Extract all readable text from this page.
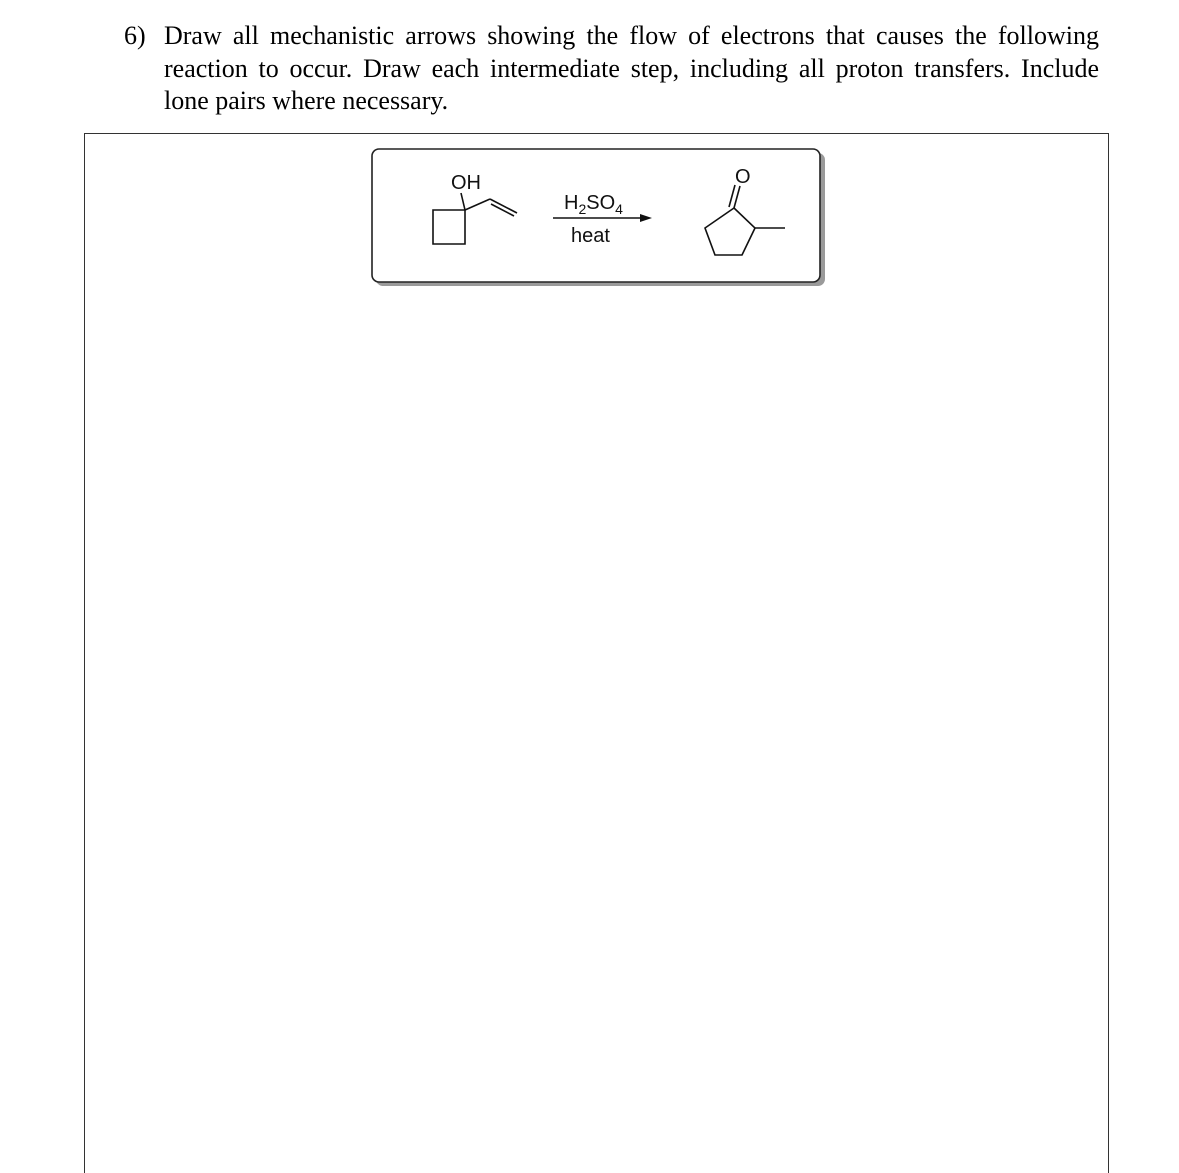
6) Draw all mechanistic arrows showing the flow of electrons that causes the following reaction to occur. Draw each intermediate step, including all proton transfers. Include lone pairs where necessary.
OH
$H_2SO_4$
heat
O
